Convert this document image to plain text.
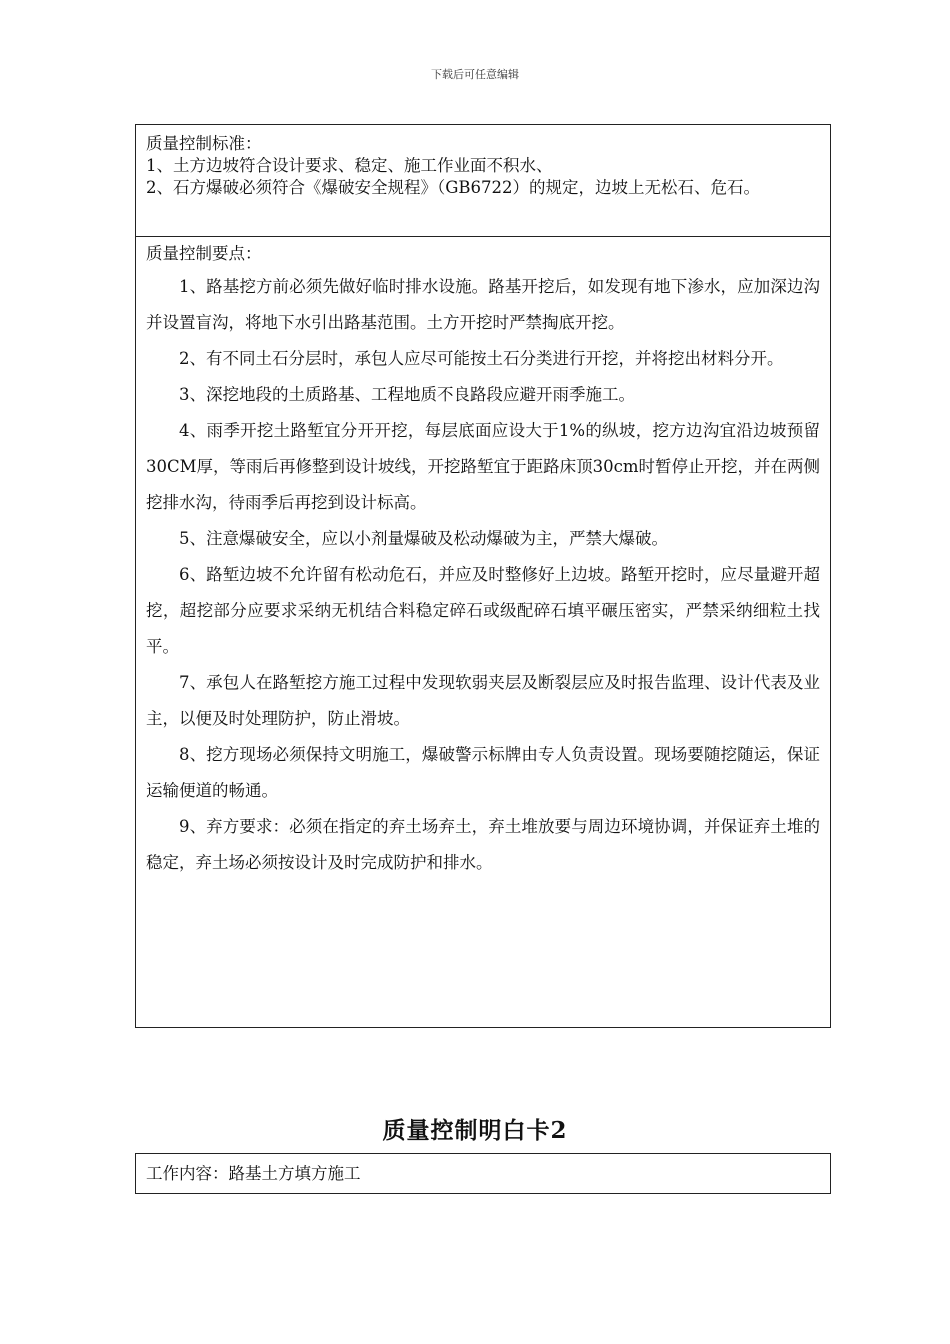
下载后可任意编辑
质量控制标准：
1、土方边坡符合设计要求、稳定、施工作业面不积水、
2、石方爆破必须符合《爆破安全规程》（GB6722）的规定，边坡上无松石、危石。
质量控制要点：

1、路基挖方前必须先做好临时排水设施。路基开挖后，如发现有地下渗水，应加深边沟并设置盲沟，将地下水引出路基范围。土方开挖时严禁掏底开挖。

2、有不同土石分层时，承包人应尽可能按土石分类进行开挖，并将挖出材料分开。

3、深挖地段的土质路基、工程地质不良路段应避开雨季施工。

4、雨季开挖土路堑宜分开开挖，每层底面应设大于1%的纵坡，挖方边沟宜沿边坡预留30CM厚，等雨后再修整到设计坡线，开挖路堑宜于距路床顶30cm时暂停止开挖，并在两侧挖排水沟，待雨季后再挖到设计标高。

5、注意爆破安全，应以小剂量爆破及松动爆破为主，严禁大爆破。

6、路堑边坡不允许留有松动危石，并应及时整修好上边坡。路堑开挖时，应尽量避开超挖，超挖部分应要求采纳无机结合料稳定碎石或级配碎石填平碾压密实，严禁采纳细粒土找平。

7、承包人在路堑挖方施工过程中发现软弱夹层及断裂层应及时报告监理、设计代表及业主，以便及时处理防护，防止滑坡。

8、挖方现场必须保持文明施工，爆破警示标牌由专人负责设置。现场要随挖随运，保证运输便道的畅通。

9、弃方要求：必须在指定的弃土场弃土，弃土堆放要与周边环境协调，并保证弃土堆的稳定，弃土场必须按设计及时完成防护和排水。

质量控制明白卡2
工作内容：路基土方填方施工
